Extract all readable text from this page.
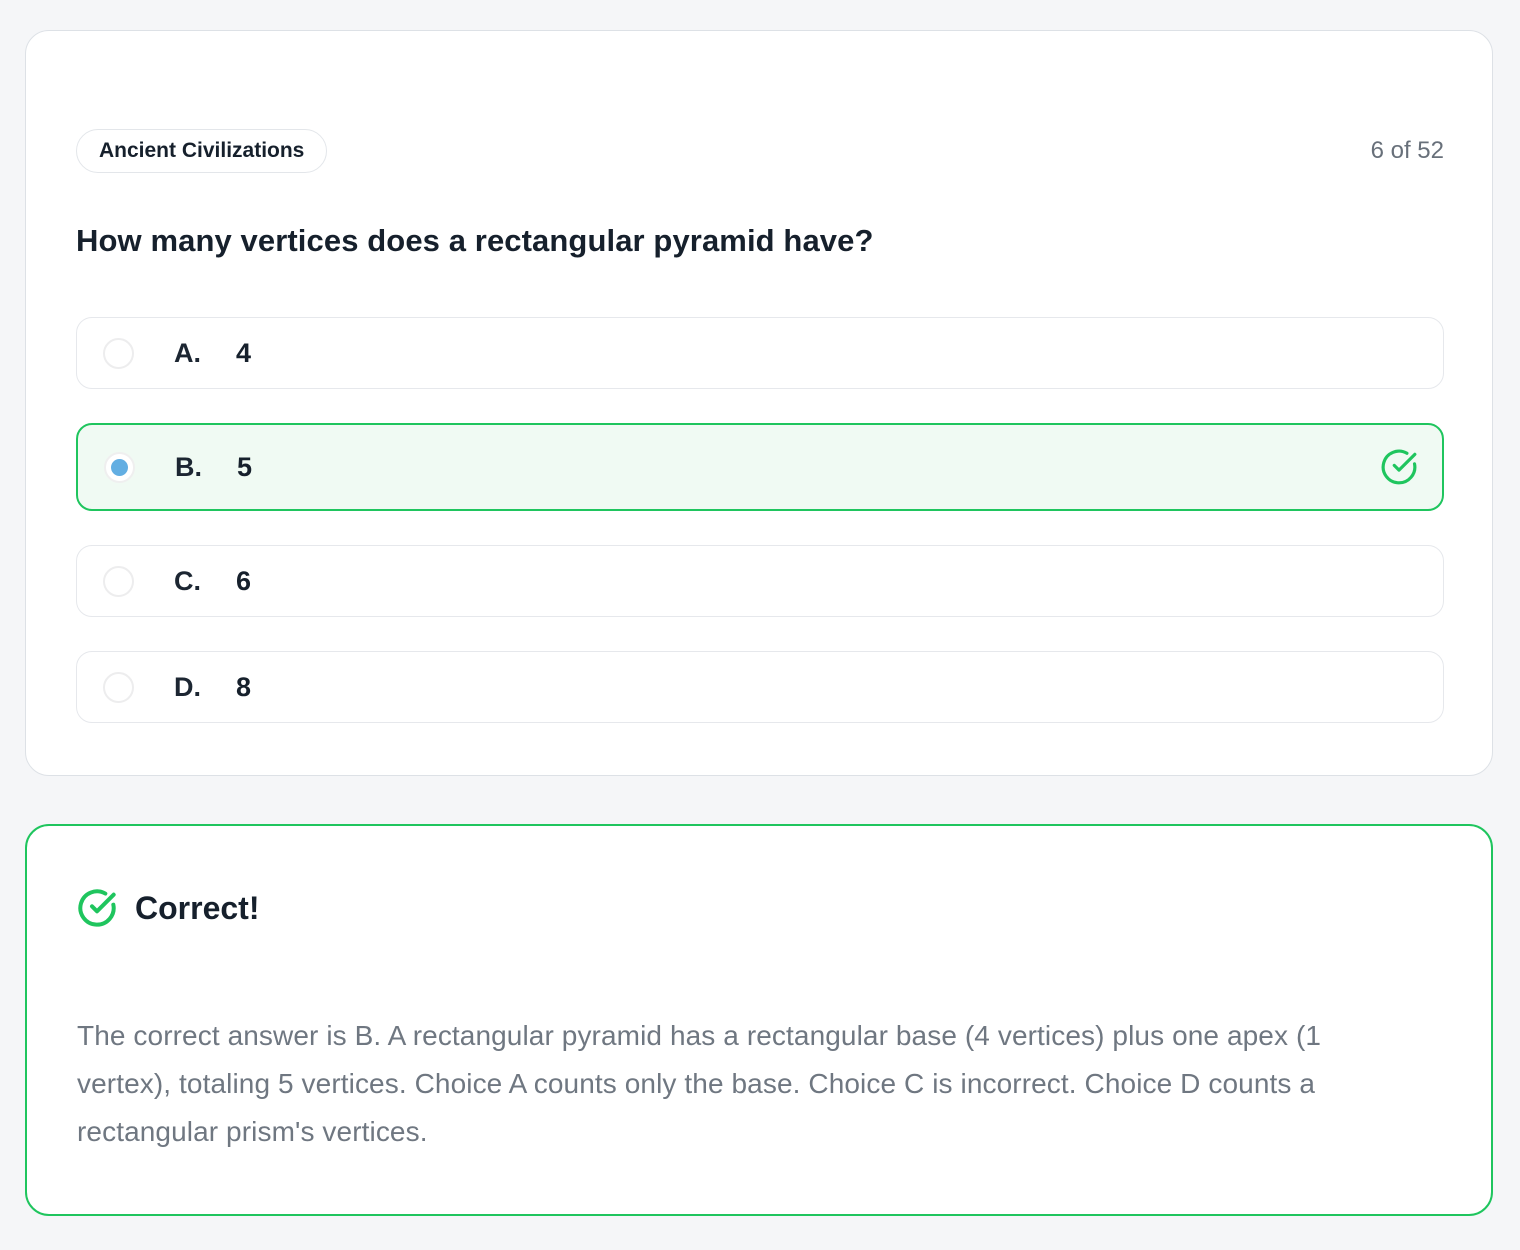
Ancient Civilizations	6 of 52
How many vertices does a rectangular pyramid have?
A.	4
B.	5
C.	6
D.	8
Correct!

The correct answer is B. A rectangular pyramid has a rectangular base (4 vertices) plus one apex (1 vertex), totaling 5 vertices. Choice A counts only the base. Choice C is incorrect. Choice D counts a rectangular prism's vertices.
